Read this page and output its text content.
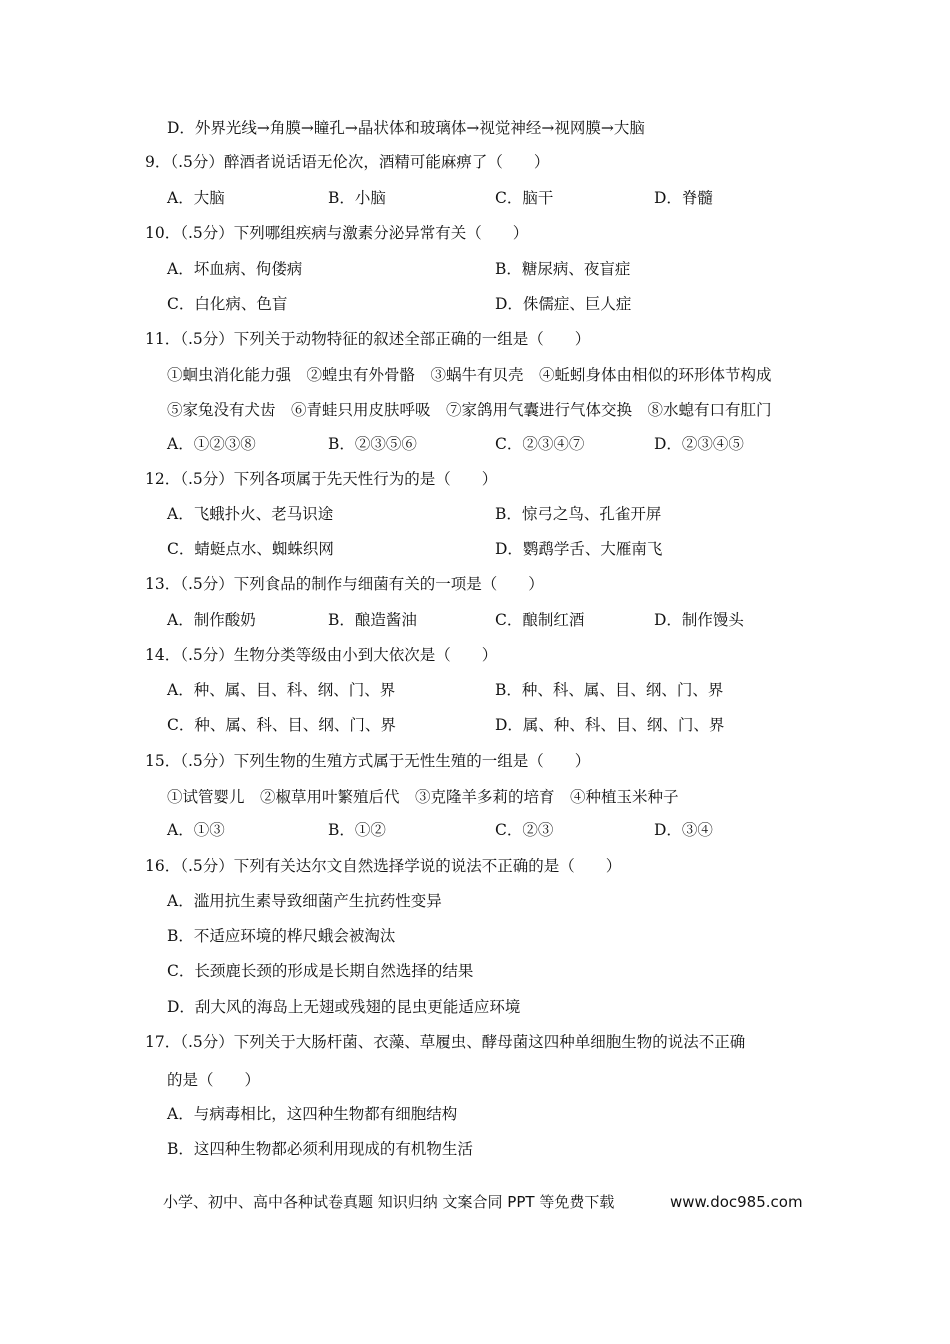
D．外界光线→角膜→瞳孔→晶状体和玻璃体→视觉神经→视网膜→大脑
9．（.5分）醉酒者说话语无伦次，酒精可能麻痹了（　　）
A．大脑	B．小脑	C．脑干	D．脊髓
10．（.5分）下列哪组疾病与激素分泌异常有关（　　）
A．坏血病、佝偻病	B．糖尿病、夜盲症
C．白化病、色盲	D．侏儒症、巨人症
11．（.5分）下列关于动物特征的叙述全部正确的一组是（　　）
①蛔虫消化能力强　②蝗虫有外骨骼　③蜗牛有贝壳　④蚯蚓身体由相似的环形体节构成
⑤家兔没有犬齿　⑥青蛙只用皮肤呼吸　⑦家鸽用气囊进行气体交换　⑧水螅有口有肛门
A．①②③⑧	B．②③⑤⑥	C．②③④⑦	D．②③④⑤
12．（.5分）下列各项属于先天性行为的是（　　）
A．飞蛾扑火、老马识途	B．惊弓之鸟、孔雀开屏
C．蜻蜓点水、蜘蛛织网	D．鹦鹉学舌、大雁南飞
13．（.5分）下列食品的制作与细菌有关的一项是（　　）
A．制作酸奶	B．酿造酱油	C．酿制红酒	D．制作馒头
14．（.5分）生物分类等级由小到大依次是（　　）
A．种、属、目、科、纲、门、界	B．种、科、属、目、纲、门、界
C．种、属、科、目、纲、门、界	D．属、种、科、目、纲、门、界
15．（.5分）下列生物的生殖方式属于无性生殖的一组是（　　）
①试管婴儿　②椒草用叶繁殖后代　③克隆羊多莉的培育　④种植玉米种子
A．①③	B．①②	C．②③	D．③④
16．（.5分）下列有关达尔文自然选择学说的说法不正确的是（　　）
A．滥用抗生素导致细菌产生抗药性变异
B．不适应环境的桦尺蛾会被淘汰
C．长颈鹿长颈的形成是长期自然选择的结果
D．刮大风的海岛上无翅或残翅的昆虫更能适应环境
17．（.5分）下列关于大肠杆菌、衣藻、草履虫、酵母菌这四种单细胞生物的说法不正确
的是（　　）
A．与病毒相比，这四种生物都有细胞结构
B．这四种生物都必须利用现成的有机物生活
小学、初中、高中各种试卷真题 知识归纳 文案合同 PPT 等免费下载	www.doc985.com
